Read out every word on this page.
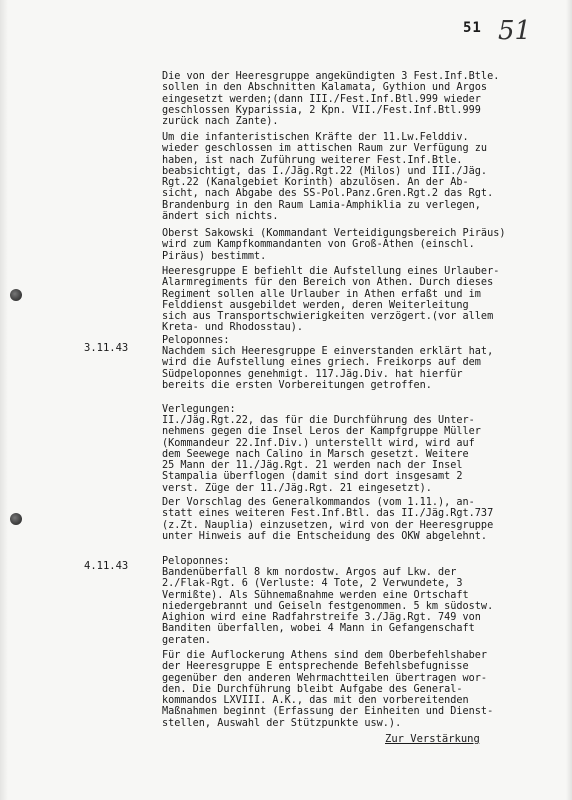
51 51
Die von der Heeresgruppe angekündigten 3 Fest.Inf.Btle.
sollen in den Abschnitten Kalamata, Gythion und Argos
eingesetzt werden;(dann III./Fest.Inf.Btl.999 wieder
geschlossen Kyparissia, 2 Kpn. VII./Fest.Inf.Btl.999
zurück nach Zante).
Um die infanteristischen Kräfte der 11.Lw.Felddiv.
wieder geschlossen im attischen Raum zur Verfügung zu
haben, ist nach Zuführung weiterer Fest.Inf.Btle.
beabsichtigt, das I./Jäg.Rgt.22 (Milos) und III./Jäg.
Rgt.22 (Kanalgebiet Korinth) abzulösen. An der Ab-
sicht, nach Abgabe des SS-Pol.Panz.Gren.Rgt.2 das Rgt.
Brandenburg in den Raum Lamia-Amphiklia zu verlegen,
ändert sich nichts.
Oberst Sakowski (Kommandant Verteidigungsbereich Piräus)
wird zum Kampfkommandanten von Groß-Athen (einschl.
Piräus) bestimmt.
Heeresgruppe E befiehlt die Aufstellung eines Urlauber-
Alarmregiments für den Bereich von Athen. Durch dieses
Regiment sollen alle Urlauber in Athen erfaßt und im
Felddienst ausgebildet werden, deren Weiterleitung
sich aus Transportschwierigkeiten verzögert.(vor allem
Kreta- und Rhodosstau).
3.11.43
Peloponnes:
Nachdem sich Heeresgruppe E einverstanden erklärt hat,
wird die Aufstellung eines griech. Freikorps auf dem
Südpeloponnes genehmigt. 117.Jäg.Div. hat hierfür
bereits die ersten Vorbereitungen getroffen.
Verlegungen:
II./Jäg.Rgt.22, das für die Durchführung des Unter-
nehmens gegen die Insel Leros der Kampfgruppe Müller
(Kommandeur 22.Inf.Div.) unterstellt wird, wird auf
dem Seewege nach Calino in Marsch gesetzt. Weitere
25 Mann der 11./Jäg.Rgt. 21 werden nach der Insel
Stampalia überflogen (damit sind dort insgesamt 2
verst. Züge der 11./Jäg.Rgt. 21 eingesetzt).
Der Vorschlag des Generalkommandos (vom 1.11.), an-
statt eines weiteren Fest.Inf.Btl. das II./Jäg.Rgt.737
(z.Zt. Nauplia) einzusetzen, wird von der Heeresgruppe
unter Hinweis auf die Entscheidung des OKW abgelehnt.
4.11.43	Peloponnes:
Bandenüberfall 8 km nordostw. Argos auf Lkw. der
2./Flak-Rgt. 6 (Verluste: 4 Tote, 2 Verwundete, 3
Vermißte). Als Sühnemaßnahme werden eine Ortschaft
niedergebrannt und Geiseln festgenommen. 5 km südostw.
Aighion wird eine Radfahrstreife 3./Jäg.Rgt. 749 von
Banditen überfallen, wobei 4 Mann in Gefangenschaft
geraten.
Für die Auflockerung Athens sind dem Oberbefehlshaber
der Heeresgruppe E entsprechende Befehlsbefugnisse
gegenüber den anderen Wehrmachtteilen übertragen wor-
den. Die Durchführung bleibt Aufgabe des General-
kommandos LXVIII. A.K., das mit den vorbereitenden
Maßnahmen beginnt (Erfassung der Einheiten und Dienst-
stellen, Auswahl der Stützpunkte usw.).
Zur Verstärkung
